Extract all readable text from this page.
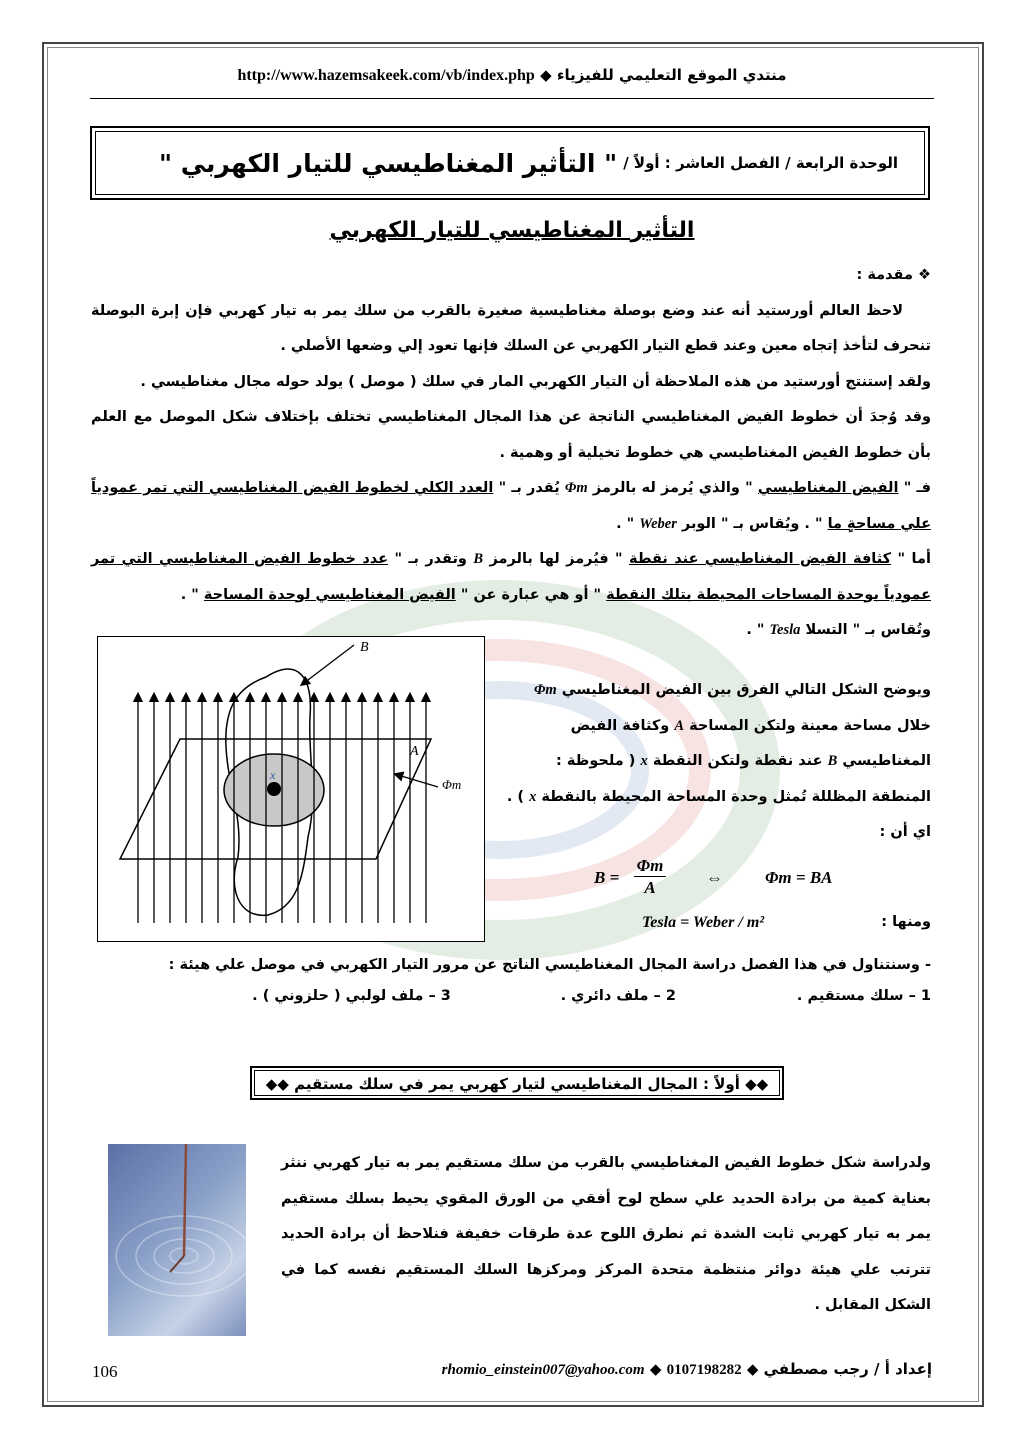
http://www.hazemsakeek.com/vb/index.php ◆ منتدي الموقع التعليمي للفيزياء
الوحدة الرابعة / الفصل العاشر : أولاً /
" التأثير المغناطيسي للتيار الكهربي "
التأثير المغناطيسي للتيار الكهربي

❖ مقدمة :

لاحظ العالم أورستيد أنه عند وضع بوصلة مغناطيسية صغيرة بالقرب من سلك يمر به تيار كهربي فإن إبرة البوصلة تنحرف لتأخذ إتجاه معين وعند قطع التيار الكهربي عن السلك فإنها تعود إلي وضعها الأصلي .

ولقد إستنتج أورستيد من هذه الملاحظة أن التيار الكهربي المار في سلك ( موصل ) يولد حوله مجال مغناطيسي .

وقد وُجدَ أن خطوط الفيض المغناطيسي الناتجة عن هذا المجال المغناطيسي تختلف بإختلاف شكل الموصل مع العلم بأن خطوط الفيض المغناطيسي هي خطوط تخيلية أو وهمية .

فـ " الفيض المغناطيسي " والذي يُرمز له بالرمز Φm يُقدر بـ " العدد الكلي لخطوط الفيض المغناطيسي التي تمر عمودياً علي مساحةٍ ما " . ويُقاس بـ " الوبر Weber " .

أما " كثافة الفيض المغناطيسي عند نقطة " فيُرمز لها بالرمز B وتقدر بـ " عدد خطوط الفيض المغناطيسي التي تمر عمودياً بوحدة المساحات المحيطة بتلك النقطة " أو هي عبارة عن " الفيض المغناطيسي لوحدة المساحة " .

وتُقاس بـ " التسلا Tesla " .

B
A
Φm
x

ويوضح الشكل التالي الفرق بين الفيض المغناطيسي Φm

خلال مساحة معينة ولتكن المساحة A وكثافة الفيض

المغناطيسي B عند نقطة ولتكن النقطة x ( ملحوظة :

المنطقة المظللة تُمثل وحدة المساحة المحيطة بالنقطة x ) .

اي أن :

B =
Φm
A
⇔ Φm = BA
Tesla = Weber / m²	ومنها :
- وسنتناول في هذا الفصل دراسة المجال المغناطيسي الناتج عن مرور التيار الكهربي في موصل علي هيئة :
1 – سلك مستقيم . 2 – ملف دائري . 3 – ملف لولبي ( حلزوني ) .
◆◆ أولاً : المجال المغناطيسي لتيار كهربي يمر في سلك مستقيم ◆◆
ولدراسة شكل خطوط الفيض المغناطيسي بالقرب من سلك مستقيم يمر به تيار كهربي ننثر بعناية كمية من برادة الحديد علي سطح لوح أفقي من الورق المقوي يحيط بسلك مستقيم يمر به تيار كهربي ثابت الشدة ثم نطرق اللوح عدة طرقات خفيفة فنلاحظ أن برادة الحديد تترتب علي هيئة دوائر منتظمة متحدة المركز ومركزها السلك المستقيم نفسه كما في الشكل المقابل .
106	rhomio_einstein007@yahoo.com ◆ 0107198282 ◆ إعداد أ / رجب مصطفي
